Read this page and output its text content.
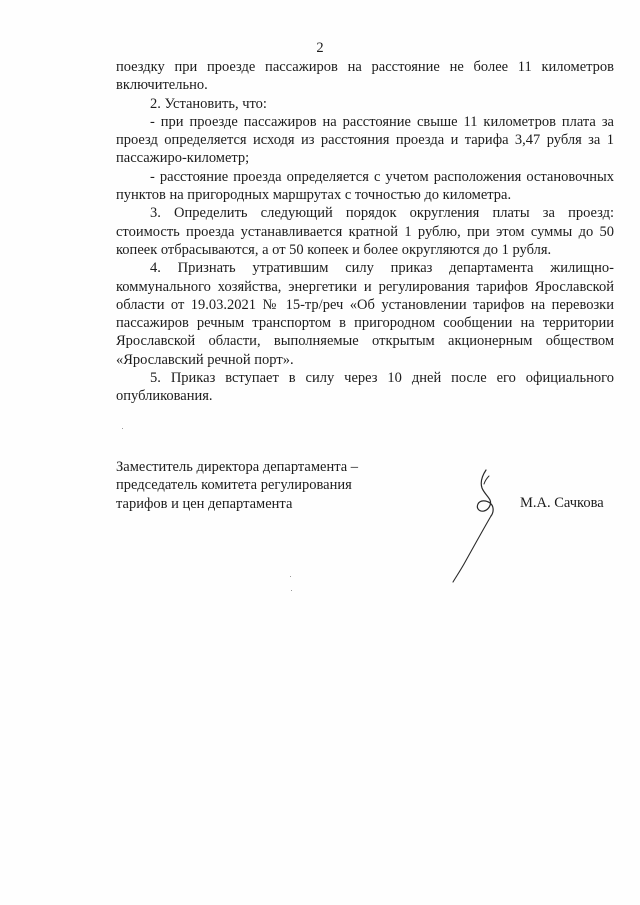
2

поездку при проезде пассажиров на расстояние не более 11 километров включительно.

2. Установить, что:

- при проезде пассажиров на расстояние свыше 11 километров плата за проезд определяется исходя из расстояния проезда и тарифа 3,47 рубля за 1 пассажиро-километр;

- расстояние проезда определяется с учетом расположения остановочных пунктов на пригородных маршрутах с точностью до километра.

3. Определить следующий порядок округления платы за проезд: стоимость проезда устанавливается кратной 1 рублю, при этом суммы до 50 копеек отбрасываются, а от 50 копеек и более округляются до 1 рубля.

4. Признать утратившим силу приказ департамента жилищно-коммунального хозяйства, энергетики и регулирования тарифов Ярославской области от 19.03.2021 № 15-тр/реч «Об установлении тарифов на перевозки пассажиров речным транспортом в пригородном сообщении на территории Ярославской области, выполняемые открытым акционерным обществом «Ярославский речной порт».

5. Приказ вступает в силу через 10 дней после его официального опубликования.

Заместитель директора департамента –
председатель комитета регулирования
тарифов и цен департамента	М.А. Сачкова
